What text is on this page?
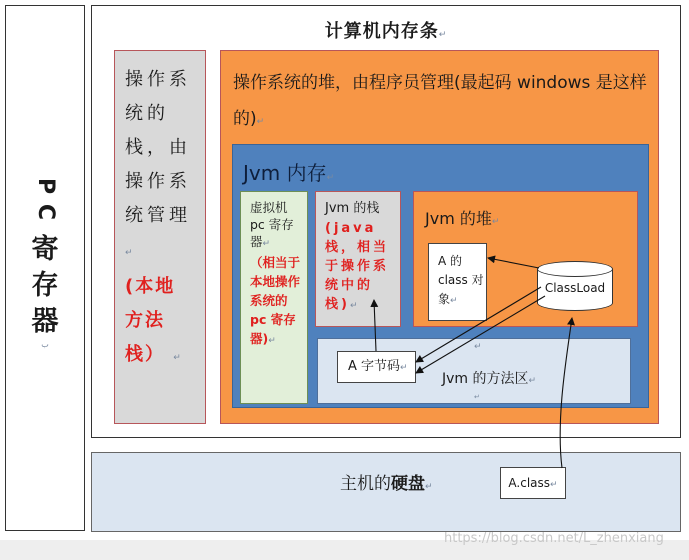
P
C
寄
存
器
ب
计算机内存条↵
操作系统的栈，由操作系统管理↵
(本地方法栈） ↵
操作系统的堆，由程序员管理(最起码 windows 是这样的)↵
Jvm 内存↵
虚拟机 pc 寄存器↵
（相当于本地操作系统的 pc 寄存器)↵
Jvm 的栈
(java 栈，相当于操作系统中的栈)↵
Jvm 的堆↵
A 的 class 对象↵
ClassLoad
↵
↵
Jvm 的方法区↵
A 字节码↵
主机的硬盘↵	A.class↵
https://blog.csdn.net/L_zhenxiang
